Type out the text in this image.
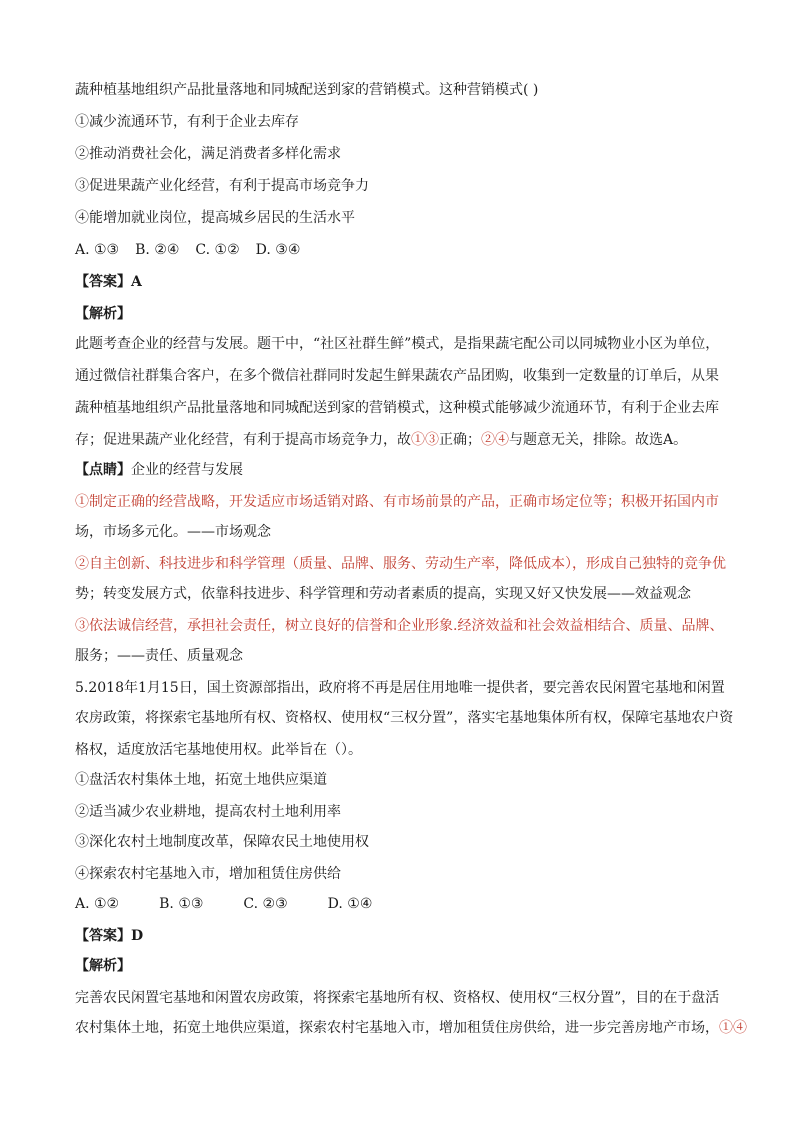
蔬种植基地组织产品批量落地和同城配送到家的营销模式。这种营销模式( )
①减少流通环节，有利于企业去库存
②推动消费社会化，满足消费者多样化需求
③促进果蔬产业化经营，有利于提高市场竞争力
④能增加就业岗位，提高城乡居民的生活水平
A. ①③ B. ②④ C. ①② D. ③④
【答案】A
【解析】
此题考查企业的经营与发展。题干中，“社区社群生鲜”模式，是指果蔬宅配公司以同城物业小区为单位，
通过微信社群集合客户，在多个微信社群同时发起生鲜果蔬农产品团购，收集到一定数量的订单后，从果
蔬种植基地组织产品批量落地和同城配送到家的营销模式，这种模式能够减少流通环节，有利于企业去库
存；促进果蔬产业化经营，有利于提高市场竞争力，故①③正确；②④与题意无关，排除。故选A。
【点睛】企业的经营与发展
①制定正确的经营战略，开发适应市场适销对路、有市场前景的产品，正确市场定位等；积极开拓国内市
场，市场多元化。——市场观念
②自主创新、科技进步和科学管理（质量、品牌、服务、劳动生产率，降低成本），形成自己独特的竞争优
势；转变发展方式，依靠科技进步、科学管理和劳动者素质的提高，实现又好又快发展——效益观念
③依法诚信经营，承担社会责任，树立良好的信誉和企业形象.经济效益和社会效益相结合、质量、品牌、
服务；——责任、质量观念
5.2018年1月15日，国土资源部指出，政府将不再是居住用地唯一提供者，要完善农民闲置宅基地和闲置
农房政策，将探索宅基地所有权、资格权、使用权“三权分置”，落实宅基地集体所有权，保障宅基地农户资
格权，适度放活宅基地使用权。此举旨在（）。
①盘活农村集体土地，拓宽土地供应渠道
②适当减少农业耕地，提高农村土地利用率
③深化农村土地制度改革，保障农民土地使用权
④探索农村宅基地入市，增加租赁住房供给
A. ①②	B. ①③	C. ②③	D. ①④
【答案】D
【解析】
完善农民闲置宅基地和闲置农房政策，将探索宅基地所有权、资格权、使用权“三权分置”，目的在于盘活
农村集体土地，拓宽土地供应渠道，探索农村宅基地入市，增加租赁住房供给，进一步完善房地产市场，①④
